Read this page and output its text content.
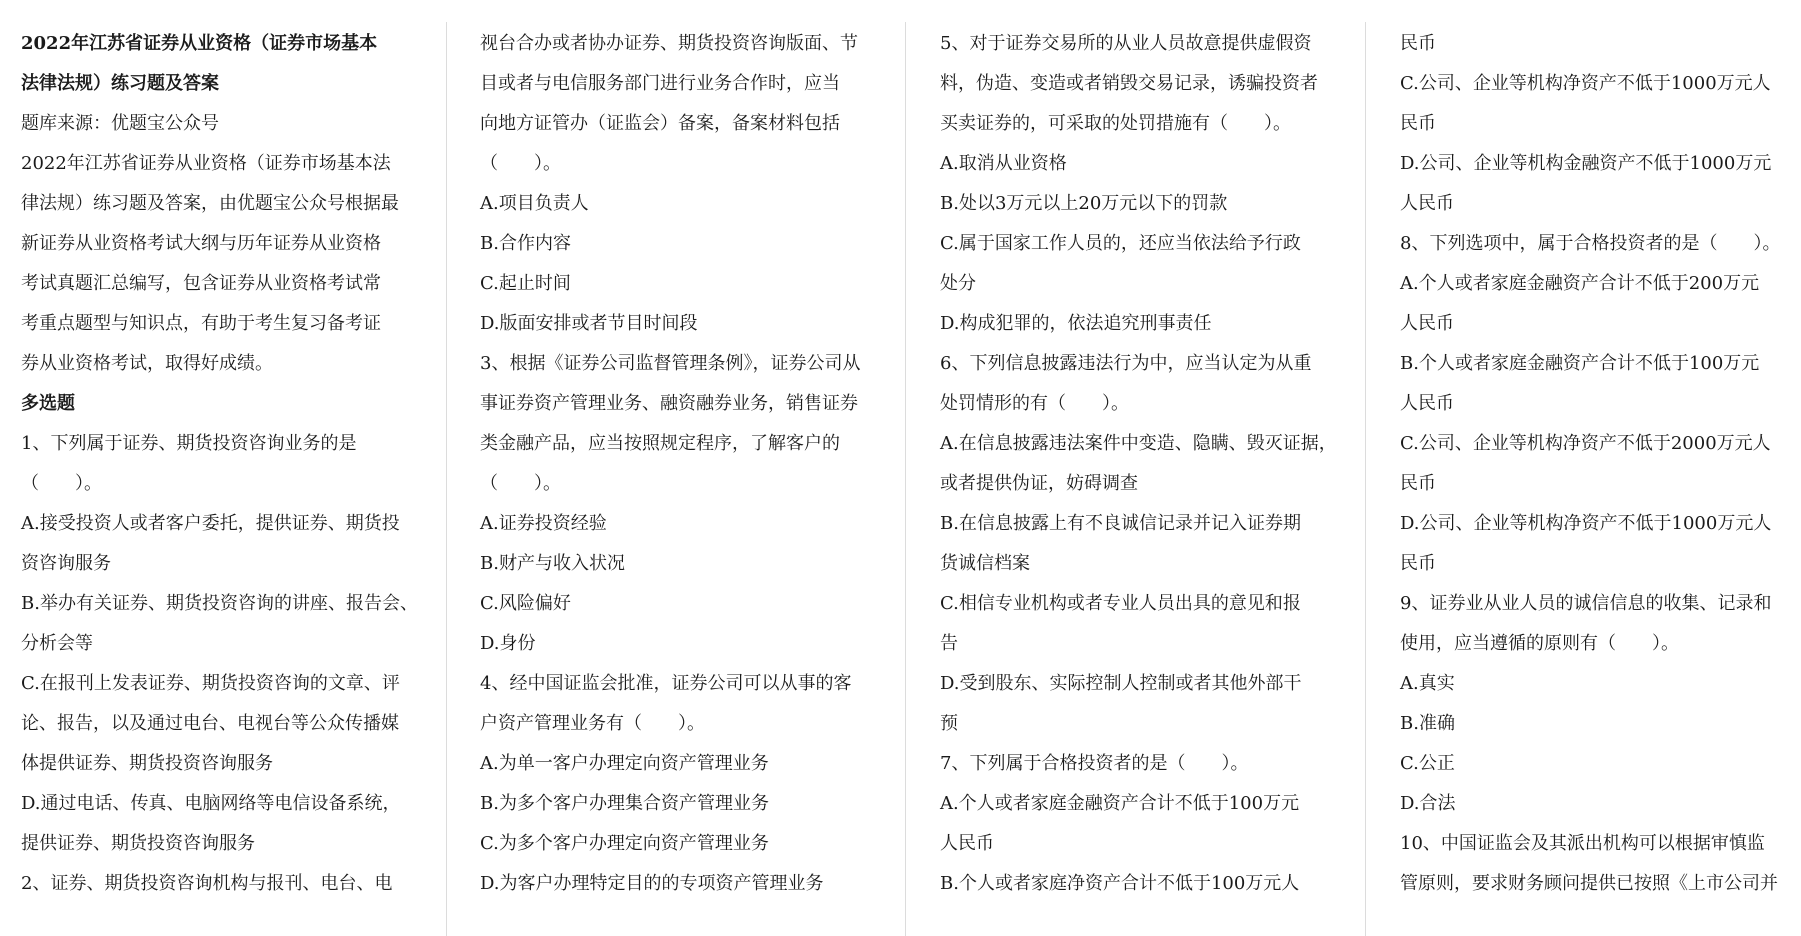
2022年江苏省证券从业资格（证券市场基本
法律法规）练习题及答案
题库来源：优题宝公众号
2022年江苏省证券从业资格（证券市场基本法
律法规）练习题及答案，由优题宝公众号根据最
新证券从业资格考试大纲与历年证券从业资格
考试真题汇总编写，包含证券从业资格考试常
考重点题型与知识点，有助于考生复习备考证
券从业资格考试，取得好成绩。
多选题
1、下列属于证券、期货投资咨询业务的是
（　　）。
A.接受投资人或者客户委托，提供证券、期货投
资咨询服务
B.举办有关证券、期货投资咨询的讲座、报告会、
分析会等
C.在报刊上发表证券、期货投资咨询的文章、评
论、报告，以及通过电台、电视台等公众传播媒
体提供证券、期货投资咨询服务
D.通过电话、传真、电脑网络等电信设备系统，
提供证券、期货投资咨询服务
2、证券、期货投资咨询机构与报刊、电台、电
视台合办或者协办证券、期货投资咨询版面、节
目或者与电信服务部门进行业务合作时，应当
向地方证管办（证监会）备案，备案材料包括
（　　）。
A.项目负责人
B.合作内容
C.起止时间
D.版面安排或者节目时间段
3、根据《证券公司监督管理条例》，证券公司从
事证券资产管理业务、融资融券业务，销售证券
类金融产品，应当按照规定程序，了解客户的
（　　）。
A.证券投资经验
B.财产与收入状况
C.风险偏好
D.身份
4、经中国证监会批准，证券公司可以从事的客
户资产管理业务有（　　）。
A.为单一客户办理定向资产管理业务
B.为多个客户办理集合资产管理业务
C.为多个客户办理定向资产管理业务
D.为客户办理特定目的的专项资产管理业务
5、对于证券交易所的从业人员故意提供虚假资
料，伪造、变造或者销毁交易记录，诱骗投资者
买卖证券的，可采取的处罚措施有（　　）。
A.取消从业资格
B.处以3万元以上20万元以下的罚款
C.属于国家工作人员的，还应当依法给予行政
处分
D.构成犯罪的，依法追究刑事责任
6、下列信息披露违法行为中，应当认定为从重
处罚情形的有（　　）。
A.在信息披露违法案件中变造、隐瞒、毁灭证据，
或者提供伪证，妨碍调查
B.在信息披露上有不良诚信记录并记入证券期
货诚信档案
C.相信专业机构或者专业人员出具的意见和报
告
D.受到股东、实际控制人控制或者其他外部干
预
7、下列属于合格投资者的是（　　）。
A.个人或者家庭金融资产合计不低于100万元
人民币
B.个人或者家庭净资产合计不低于100万元人
民币
C.公司、企业等机构净资产不低于1000万元人
民币
D.公司、企业等机构金融资产不低于1000万元
人民币
8、下列选项中，属于合格投资者的是（　　）。
A.个人或者家庭金融资产合计不低于200万元
人民币
B.个人或者家庭金融资产合计不低于100万元
人民币
C.公司、企业等机构净资产不低于2000万元人
民币
D.公司、企业等机构净资产不低于1000万元人
民币
9、证券业从业人员的诚信信息的收集、记录和
使用，应当遵循的原则有（　　）。
A.真实
B.准确
C.公正
D.合法
10、中国证监会及其派出机构可以根据审慎监
管原则，要求财务顾问提供已按照《上市公司并
